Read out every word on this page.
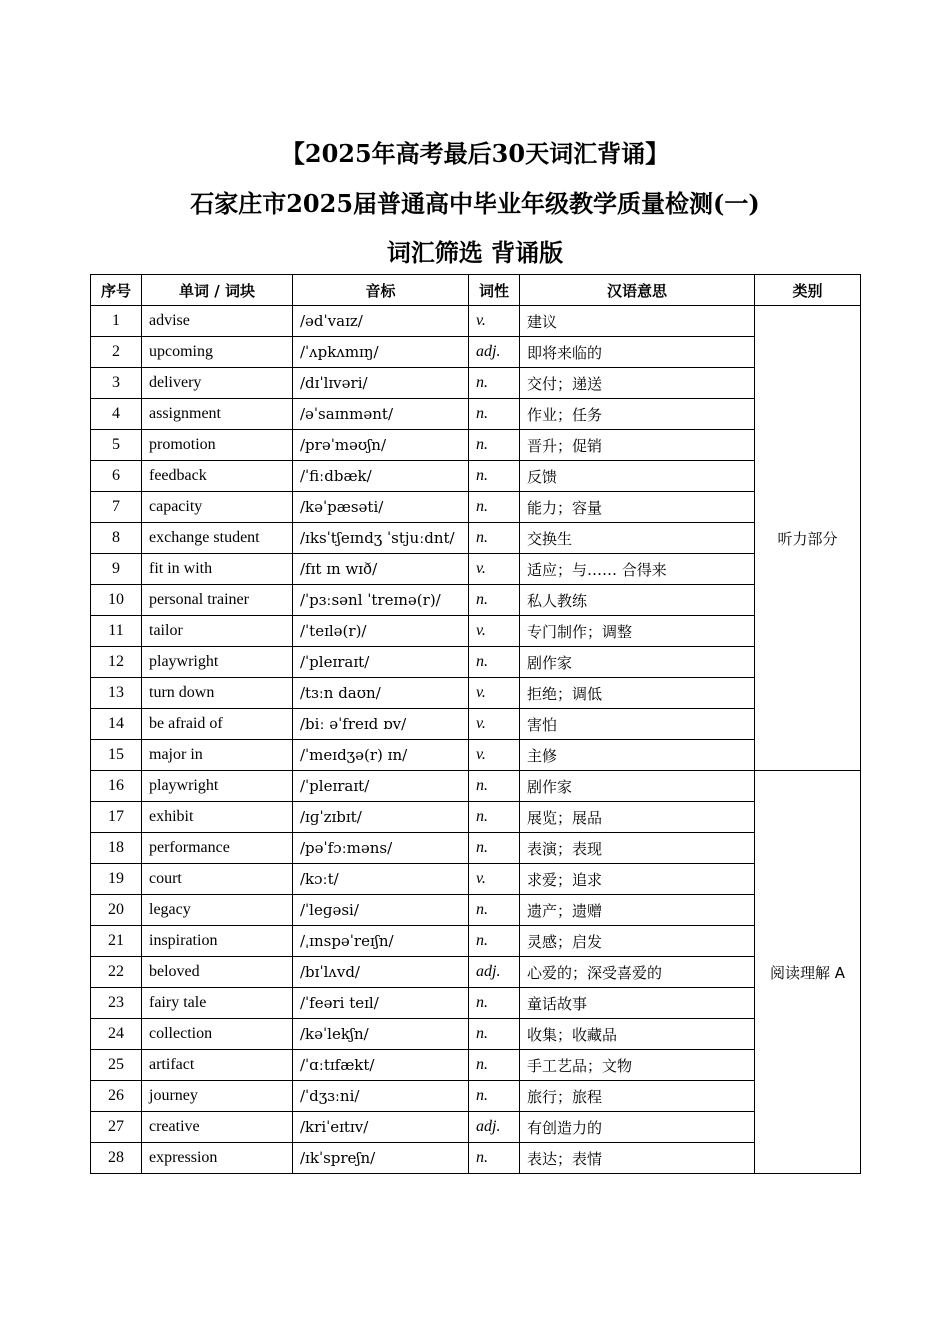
【2025年高考最后30天词汇背诵】
石家庄市2025届普通高中毕业年级教学质量检测(一)
词汇筛选 背诵版
序号	单词 / 词块	音标	词性	汉语意思	类别
1	advise	/ədˈvaɪz/	v.	建议	听力部分
2	upcoming	/ˈʌpkʌmɪŋ/	adj.	即将来临的	
3	delivery	/dɪˈlɪvəri/	n.	交付；递送	
4	assignment	/əˈsaɪnmənt/	n.	作业；任务	
5	promotion	/prəˈməʊʃn/	n.	晋升；促销	
6	feedback	/ˈfiːdbæk/	n.	反馈	
7	capacity	/kəˈpæsəti/	n.	能力；容量	
8	exchange student	/ɪksˈtʃeɪndʒ ˈstjuːdnt/	n.	交换生	
9	fit in with	/fɪt ɪn wɪð/	v.	适应；与…… 合得来	
10	personal trainer	/ˈpɜːsənl ˈtreɪnə(r)/	n.	私人教练	
11	tailor	/ˈteɪlə(r)/	v.	专门制作；调整	
12	playwright	/ˈpleɪraɪt/	n.	剧作家	
13	turn down	/tɜːn daʊn/	v.	拒绝；调低	
14	be afraid of	/biː əˈfreɪd ɒv/	v.	害怕	
15	major in	/ˈmeɪdʒə(r) ɪn/	v.	主修	
16	playwright	/ˈpleɪraɪt/	n.	剧作家	阅读理解 A
17	exhibit	/ɪɡˈzɪbɪt/	n.	展览；展品	
18	performance	/pəˈfɔːməns/	n.	表演；表现	
19	court	/kɔːt/	v.	求爱；追求	
20	legacy	/ˈleɡəsi/	n.	遗产；遗赠	
21	inspiration	/ˌɪnspəˈreɪʃn/	n.	灵感；启发	
22	beloved	/bɪˈlʌvd/	adj.	心爱的；深受喜爱的	
23	fairy tale	/ˈfeəri teɪl/	n.	童话故事	
24	collection	/kəˈlekʃn/	n.	收集；收藏品	
25	artifact	/ˈɑːtɪfækt/	n.	手工艺品；文物	
26	journey	/ˈdʒɜːni/	n.	旅行；旅程	
27	creative	/kriˈeɪtɪv/	adj.	有创造力的	
28	expression	/ɪkˈspreʃn/	n.	表达；表情	
